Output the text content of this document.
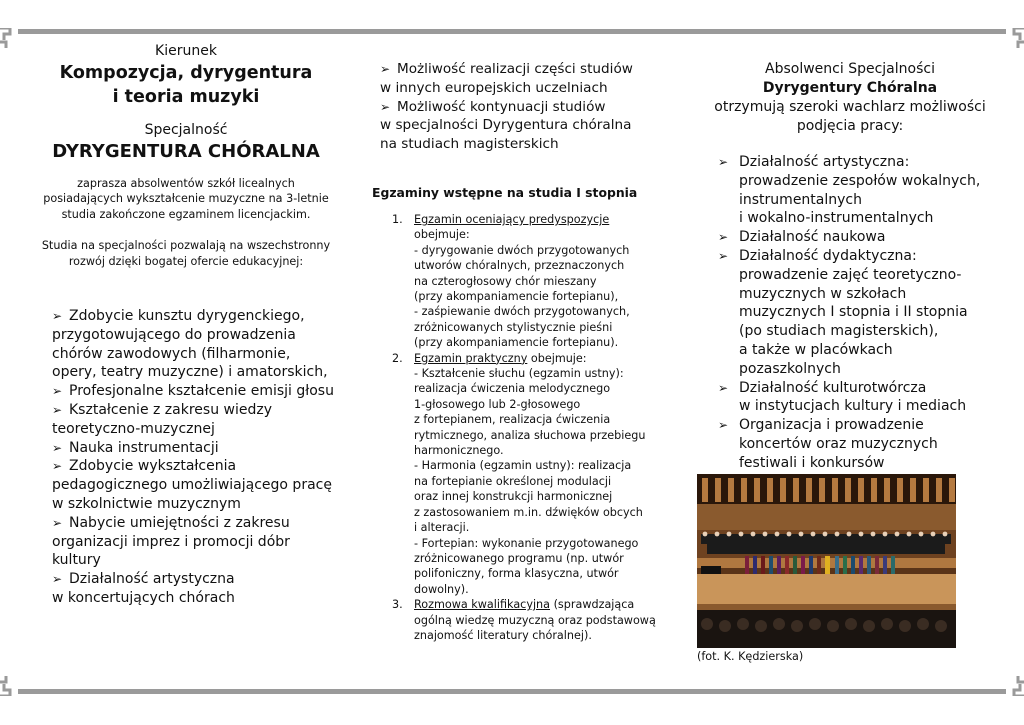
Kierunek
Kompozycja, dyrygentura
i teoria muzyki
Specjalność
DYRYGENTURA CHÓRALNA
zaprasza absolwentów szkół licealnych
posiadających wykształcenie muzyczne na 3-letnie
studia zakończone egzaminem licencjackim.
Studia na specjalności pozwalają na wszechstronny
rozwój dzięki bogatej ofercie edukacyjnej:
➢ Zdobycie kunsztu dyrygenckiego,
przygotowującego do prowadzenia
chórów zawodowych (filharmonie,
opery, teatry muzyczne) i amatorskich,
➢ Profesjonalne kształcenie emisji głosu
➢ Kształcenie z zakresu wiedzy
teoretyczno-muzycznej
➢ Nauka instrumentacji
➢ Zdobycie wykształcenia
pedagogicznego umożliwiającego pracę
w szkolnictwie muzycznym
➢ Nabycie umiejętności z zakresu
organizacji imprez i promocji dóbr
kultury
➢ Działalność artystyczna
w koncertujących chórach
➢ Możliwość realizacji części studiów
w innych europejskich uczelniach
➢ Możliwość kontynuacji studiów
w specjalności Dyrygentura chóralna
na studiach magisterskich
Egzaminy wstępne na studia I stopnia
1. Egzamin oceniający predyspozycje
obejmuje:
- dyrygowanie dwóch przygotowanych
utworów chóralnych, przeznaczonych
na czterogłosowy chór mieszany
(przy akompaniamencie fortepianu),
- zaśpiewanie dwóch przygotowanych,
zróżnicowanych stylistycznie pieśni
(przy akompaniamencie fortepianu).
2. Egzamin praktyczny obejmuje:
- Kształcenie słuchu (egzamin ustny):
realizacja ćwiczenia melodycznego
1-głosowego lub 2-głosowego
z fortepianem, realizacja ćwiczenia
rytmicznego, analiza słuchowa przebiegu
harmonicznego.
- Harmonia (egzamin ustny): realizacja
na fortepianie określonej modulacji
oraz innej konstrukcji harmonicznej
z zastosowaniem m.in. dźwięków obcych
i alteracji.
- Fortepian: wykonanie przygotowanego
zróżnicowanego programu (np. utwór
polifoniczny, forma klasyczna, utwór
dowolny).
3. Rozmowa kwalifikacyjna (sprawdzająca
ogólną wiedzę muzyczną oraz podstawową
znajomość literatury chóralnej).
Absolwenci Specjalności
Dyrygentury Chóralna
otrzymują szeroki wachlarz możliwości
podjęcia pracy:
➢ Działalność artystyczna:
prowadzenie zespołów wokalnych,
instrumentalnych
i wokalno-instrumentalnych
➢ Działalność naukowa
➢ Działalność dydaktyczna:
prowadzenie zajęć teoretyczno-
muzycznych w szkołach
muzycznych I stopnia i II stopnia
(po studiach magisterskich),
a także w placówkach
pozaszkolnych
➢ Działalność kulturotwórcza
w instytucjach kultury i mediach
➢ Organizacja i prowadzenie
koncertów oraz muzycznych
festiwali i konkursów
(fot. K. Kędzierska)
